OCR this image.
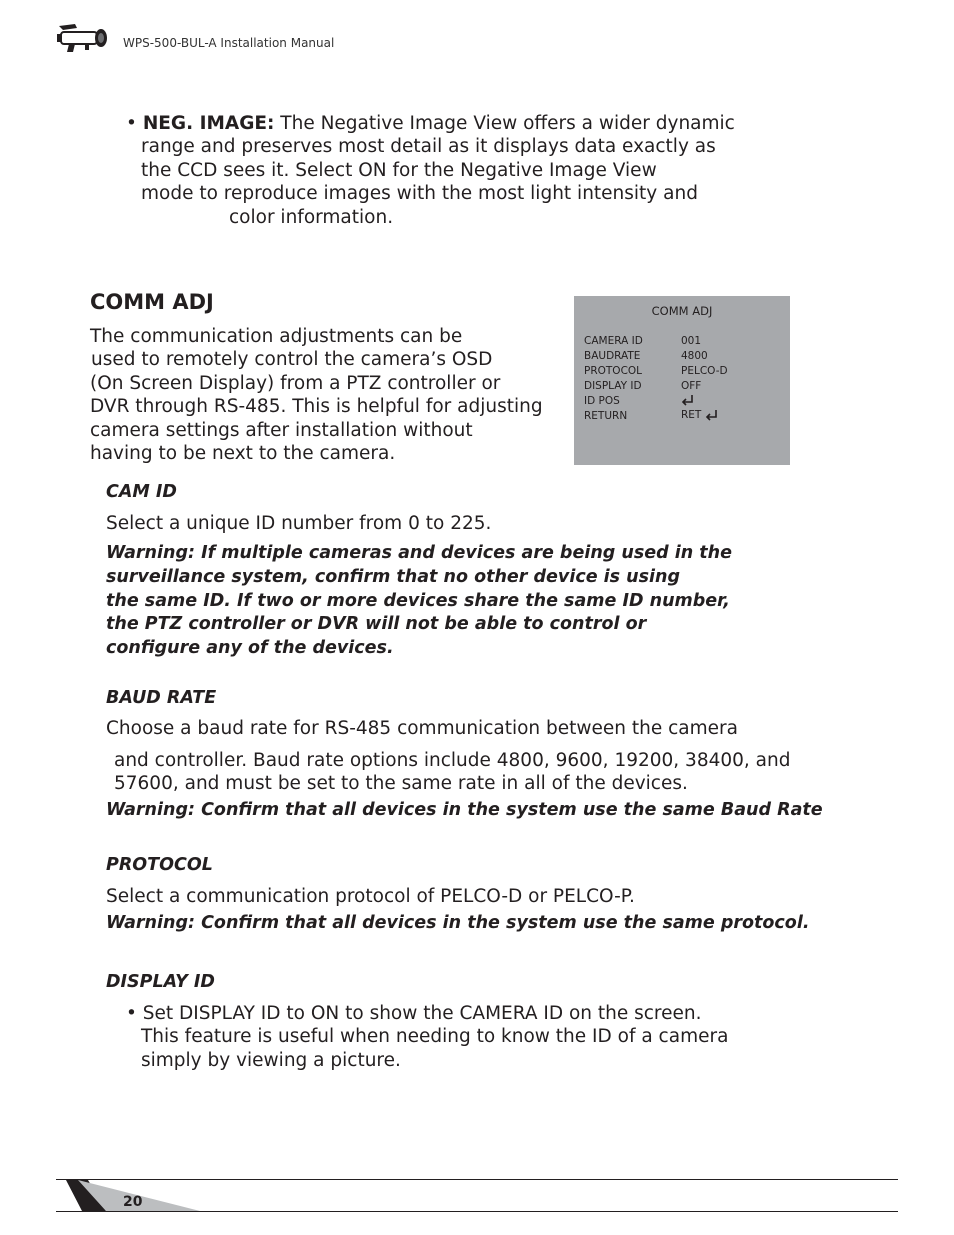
WPS-500-BUL-A Installation Manual
• NEG. IMAGE: The Negative Image View offers a wider dynamic
range and preserves most detail as it displays data exactly as
the CCD sees it. Select ON for the Negative Image View
mode to reproduce images with the most light intensity and
color information.
COMM ADJ
The communication adjustments can be
used to remotely control the camera’s OSD
(On Screen Display) from a PTZ controller or
DVR through RS-485. This is helpful for adjusting
camera settings after installation without
having to be next to the camera.
COMM ADJ
CAMERA ID	001
BAUDRATE	4800
PROTOCOL	PELCO-D
DISPLAY ID	OFF
ID POS
RETURN	RET
CAM ID
Select a unique ID number from 0 to 225.
Warning: If multiple cameras and devices are being used in the
surveillance system, confirm that no other device is using
the same ID. If two or more devices share the same ID number,
the PTZ controller or DVR will not be able to control or
configure any of the devices.
BAUD RATE
Choose a baud rate for RS-485 communication between the camera
and controller. Baud rate options include 4800, 9600, 19200, 38400, and
57600, and must be set to the same rate in all of the devices.
Warning: Confirm that all devices in the system use the same Baud Rate
PROTOCOL
Select a communication protocol of PELCO-D or PELCO-P.
Warning: Confirm that all devices in the system use the same protocol.
DISPLAY ID
• Set DISPLAY ID to ON to show the CAMERA ID on the screen.
This feature is useful when needing to know the ID of a camera
simply by viewing a picture.
20
